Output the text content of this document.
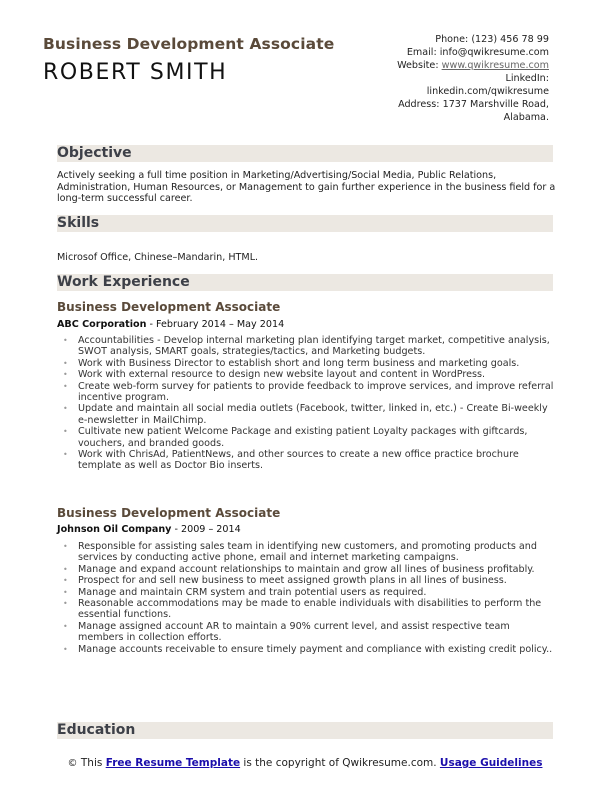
Business Development Associate
ROBERT SMITH
Phone: (123) 456 78 99
Email: info@qwikresume.com
Website: www.qwikresume.com
LinkedIn:
linkedin.com/qwikresume
Address: 1737 Marshville Road,
Alabama.
Objective
Actively seeking a full time position in Marketing/Advertising/Social Media, Public Relations, Administration, Human Resources, or Management to gain further experience in the business field for a long-term successful career.
Skills
Microsof Office, Chinese–Mandarin, HTML.
Work Experience
Business Development Associate
ABC Corporation - February 2014 – May 2014
• Accountabilities - Develop internal marketing plan identifying target market, competitive analysis, SWOT analysis, SMART goals, strategies/tactics, and Marketing budgets.
• Work with Business Director to establish short and long term business and marketing goals.
• Work with external resource to design new website layout and content in WordPress.
• Create web-form survey for patients to provide feedback to improve services, and improve referral incentive program.
• Update and maintain all social media outlets (Facebook, twitter, linked in, etc.) - Create Bi-weekly e-newsletter in MailChimp.
• Cultivate new patient Welcome Package and existing patient Loyalty packages with giftcards, vouchers, and branded goods.
• Work with ChrisAd, PatientNews, and other sources to create a new office practice brochure template as well as Doctor Bio inserts.
Business Development Associate
Johnson Oil Company - 2009 – 2014
• Responsible for assisting sales team in identifying new customers, and promoting products and services by conducting active phone, email and internet marketing campaigns.
• Manage and expand account relationships to maintain and grow all lines of business profitably.
• Prospect for and sell new business to meet assigned growth plans in all lines of business.
• Manage and maintain CRM system and train potential users as required.
• Reasonable accommodations may be made to enable individuals with disabilities to perform the essential functions.
• Manage assigned account AR to maintain a 90% current level, and assist respective team members in collection efforts.
• Manage accounts receivable to ensure timely payment and compliance with existing credit policy..
Education
© This Free Resume Template is the copyright of Qwikresume.com. Usage Guidelines
